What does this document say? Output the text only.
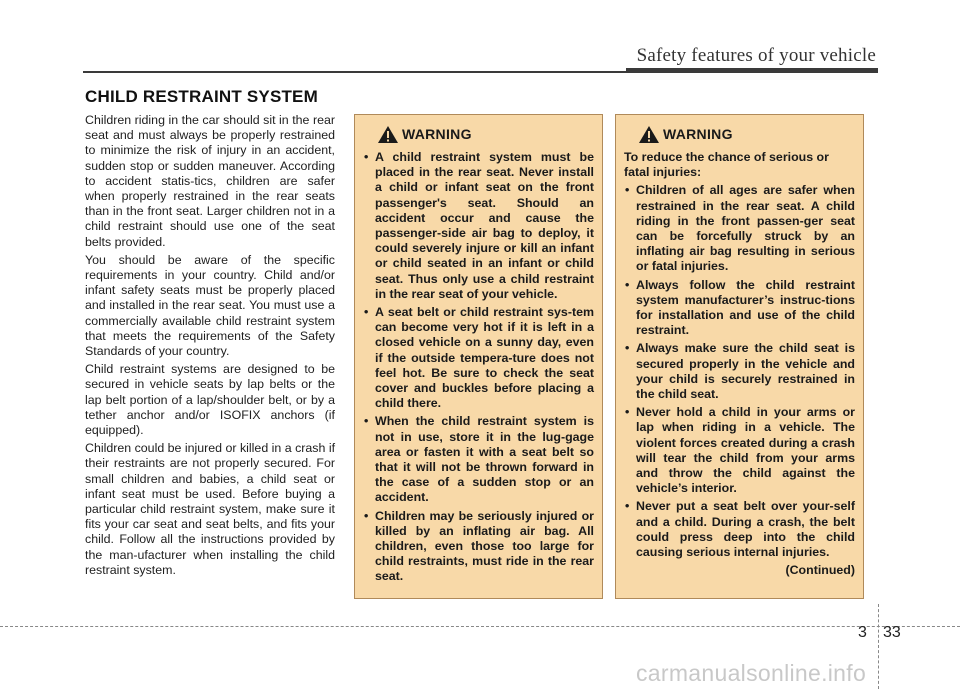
Safety features of your vehicle
CHILD RESTRAINT SYSTEM

Children riding in the car should sit in the rear seat and must always be properly restrained to minimize the risk of injury in an accident, sudden stop or sudden maneuver. According to accident statis-tics, children are safer when properly restrained in the rear seats than in the front seat. Larger children not in a child restraint should use one of the seat belts provided.

You should be aware of the specific requirements in your country. Child and/or infant safety seats must be properly placed and installed in the rear seat. You must use a commercially available child restraint system that meets the requirements of the Safety Standards of your country.

Child restraint systems are designed to be secured in vehicle seats by lap belts or the lap belt portion of a lap/shoulder belt, or by a tether anchor and/or ISOFIX anchors (if equipped).

Children could be injured or killed in a crash if their restraints are not properly secured. For small children and babies, a child seat or infant seat must be used. Before buying a particular child restraint system, make sure it fits your car seat and seat belts, and fits your child. Follow all the instructions provided by the man-ufacturer when installing the child restraint system.

WARNING
• A child restraint system must be placed in the rear seat. Never install a child or infant seat on the front passenger's seat. Should an accident occur and cause the passenger-side air bag to deploy, it could severely injure or kill an infant or child seated in an infant or child seat. Thus only use a child restraint in the rear seat of your vehicle.
• A seat belt or child restraint sys-tem can become very hot if it is left in a closed vehicle on a sunny day, even if the outside tempera-ture does not feel hot. Be sure to check the seat cover and buckles before placing a child there.
• When the child restraint system is not in use, store it in the lug-gage area or fasten it with a seat belt so that it will not be thrown forward in the case of a sudden stop or an accident.
• Children may be seriously injured or killed by an inflating air bag. All children, even those too large for child restraints, must ride in the rear seat.
WARNING

To reduce the chance of serious or fatal injuries:

• Children of all ages are safer when restrained in the rear seat. A child riding in the front passen-ger seat can be forcefully struck by an inflating air bag resulting in serious or fatal injuries.
• Always follow the child restraint system manufacturer’s instruc-tions for installation and use of the child restraint.
• Always make sure the child seat is secured properly in the vehicle and your child is securely restrained in the child seat.
• Never hold a child in your arms or lap when riding in a vehicle. The violent forces created during a crash will tear the child from your arms and throw the child against the vehicle’s interior.
• Never put a seat belt over your-self and a child. During a crash, the belt could press deep into the child causing serious internal injuries.
(Continued)
3 33
carmanualsonline.info
